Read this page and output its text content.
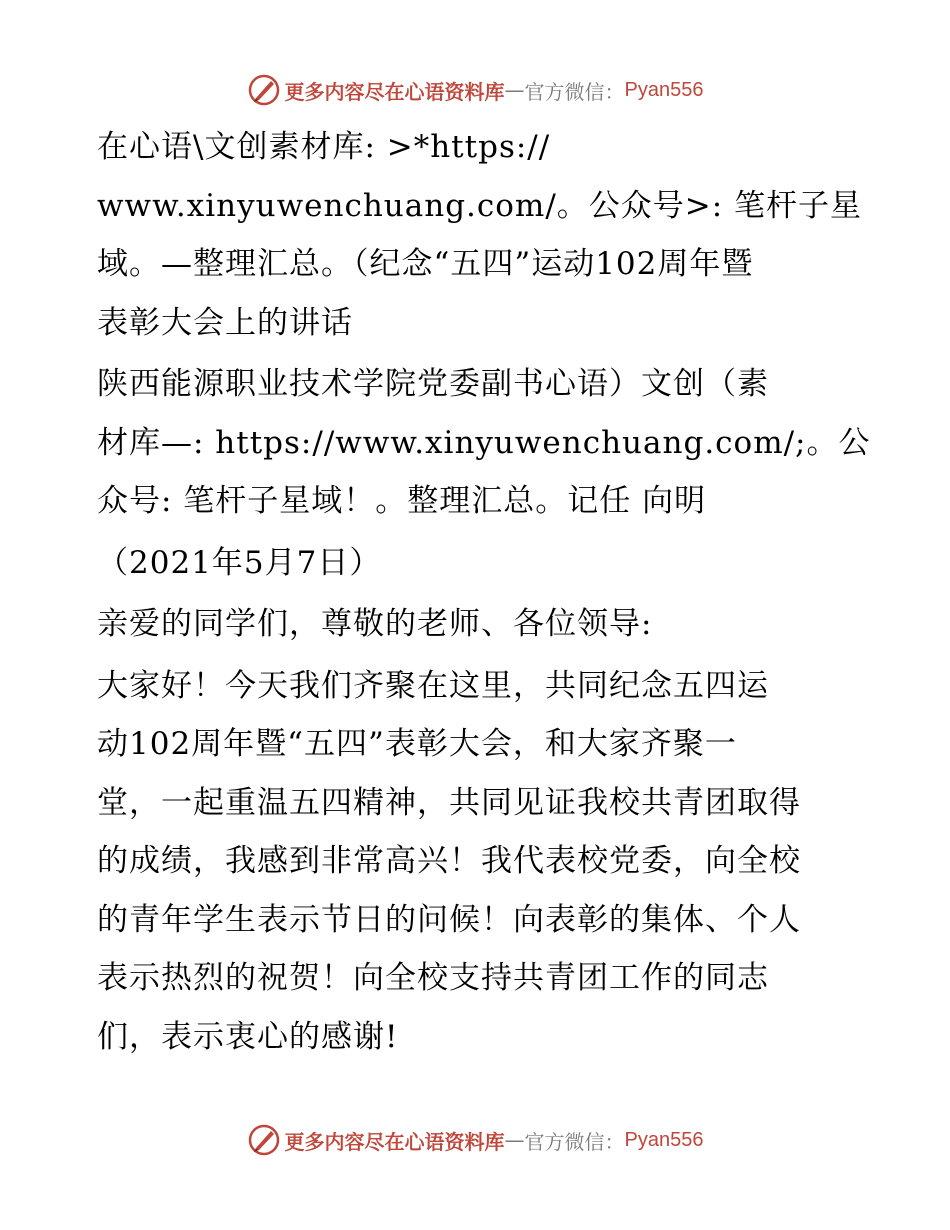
更多内容尽在心语资料库 — 官方微信： Pyan556
在心语\文创素材库: >*https://
www.xinyuwenchuang.com/。公众号>: 笔杆子星
域。—整理汇总。（纪念“五四”运动102周年暨
表彰大会上的讲话
陕西能源职业技术学院党委副书心语）文创（素
材库—: https://www.xinyuwenchuang.com/;。公
众号: 笔杆子星域！。整理汇总。记任 向明
（2021年5月7日）
亲爱的同学们，尊敬的老师、各位领导:
大家好！今天我们齐聚在这里，共同纪念五四运
动102周年暨“五四”表彰大会，和大家齐聚一
堂，一起重温五四精神，共同见证我校共青团取得
的成绩，我感到非常高兴！我代表校党委，向全校
的青年学生表示节日的问候！向表彰的集体、个人
表示热烈的祝贺！向全校支持共青团工作的同志
们，表示衷心的感谢!
更多内容尽在心语资料库 — 官方微信： Pyan556
